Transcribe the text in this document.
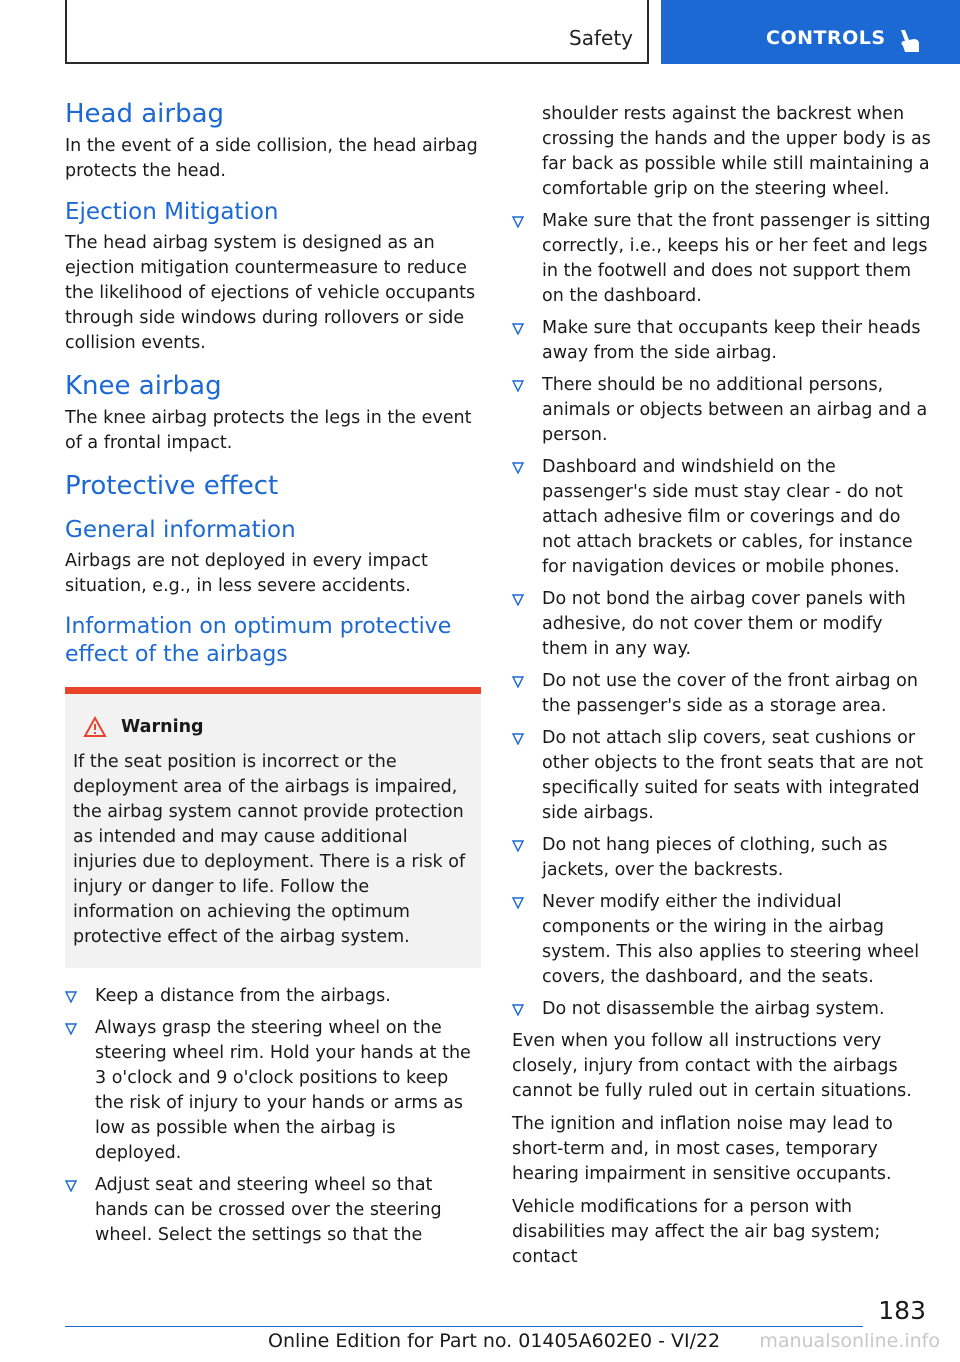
Safety	CONTROLS
Head airbag

In the event of a side collision, the head airbag protects the head.

Ejection Mitigation

The head airbag system is designed as an ejection mitigation countermeasure to reduce the likelihood of ejections of vehicle occupants through side windows during rollovers or side collision events.

Knee airbag

The knee airbag protects the legs in the event of a frontal impact.

Protective effect
General information

Airbags are not deployed in every impact situation, e.g., in less severe accidents.

Information on optimum protective effect of the airbags
Warning
If the seat position is incorrect or the deployment area of the airbags is impaired, the airbag system cannot provide protection as intended and may cause additional injuries due to deployment. There is a risk of injury or danger to life. Follow the information on achieving the optimum protective effect of the airbag system.
Keep a distance from the airbags.
Always grasp the steering wheel on the steering wheel rim. Hold your hands at the 3 o'clock and 9 o'clock positions to keep the risk of injury to your hands or arms as low as possible when the airbag is deployed.
Adjust seat and steering wheel so that hands can be crossed over the steering wheel. Select the settings so that the

shoulder rests against the backrest when crossing the hands and the upper body is as far back as possible while still maintaining a comfortable grip on the steering wheel.

Make sure that the front passenger is sitting correctly, i.e., keeps his or her feet and legs in the footwell and does not support them on the dashboard.
Make sure that occupants keep their heads away from the side airbag.
There should be no additional persons, animals or objects between an airbag and a person.
Dashboard and windshield on the passenger's side must stay clear - do not attach adhesive film or coverings and do not attach brackets or cables, for instance for navigation devices or mobile phones.
Do not bond the airbag cover panels with adhesive, do not cover them or modify them in any way.
Do not use the cover of the front airbag on the passenger's side as a storage area.
Do not attach slip covers, seat cushions or other objects to the front seats that are not specifically suited for seats with integrated side airbags.
Do not hang pieces of clothing, such as jackets, over the backrests.
Never modify either the individual components or the wiring in the airbag system. This also applies to steering wheel covers, the dashboard, and the seats.
Do not disassemble the airbag system.

Even when you follow all instructions very closely, injury from contact with the airbags cannot be fully ruled out in certain situations.

The ignition and inflation noise may lead to short-term and, in most cases, temporary hearing impairment in sensitive occupants.

Vehicle modifications for a person with disabilities may affect the air bag system; contact

183
Online Edition for Part no. 01405A602E0 - VI/22 manualsonline.info
